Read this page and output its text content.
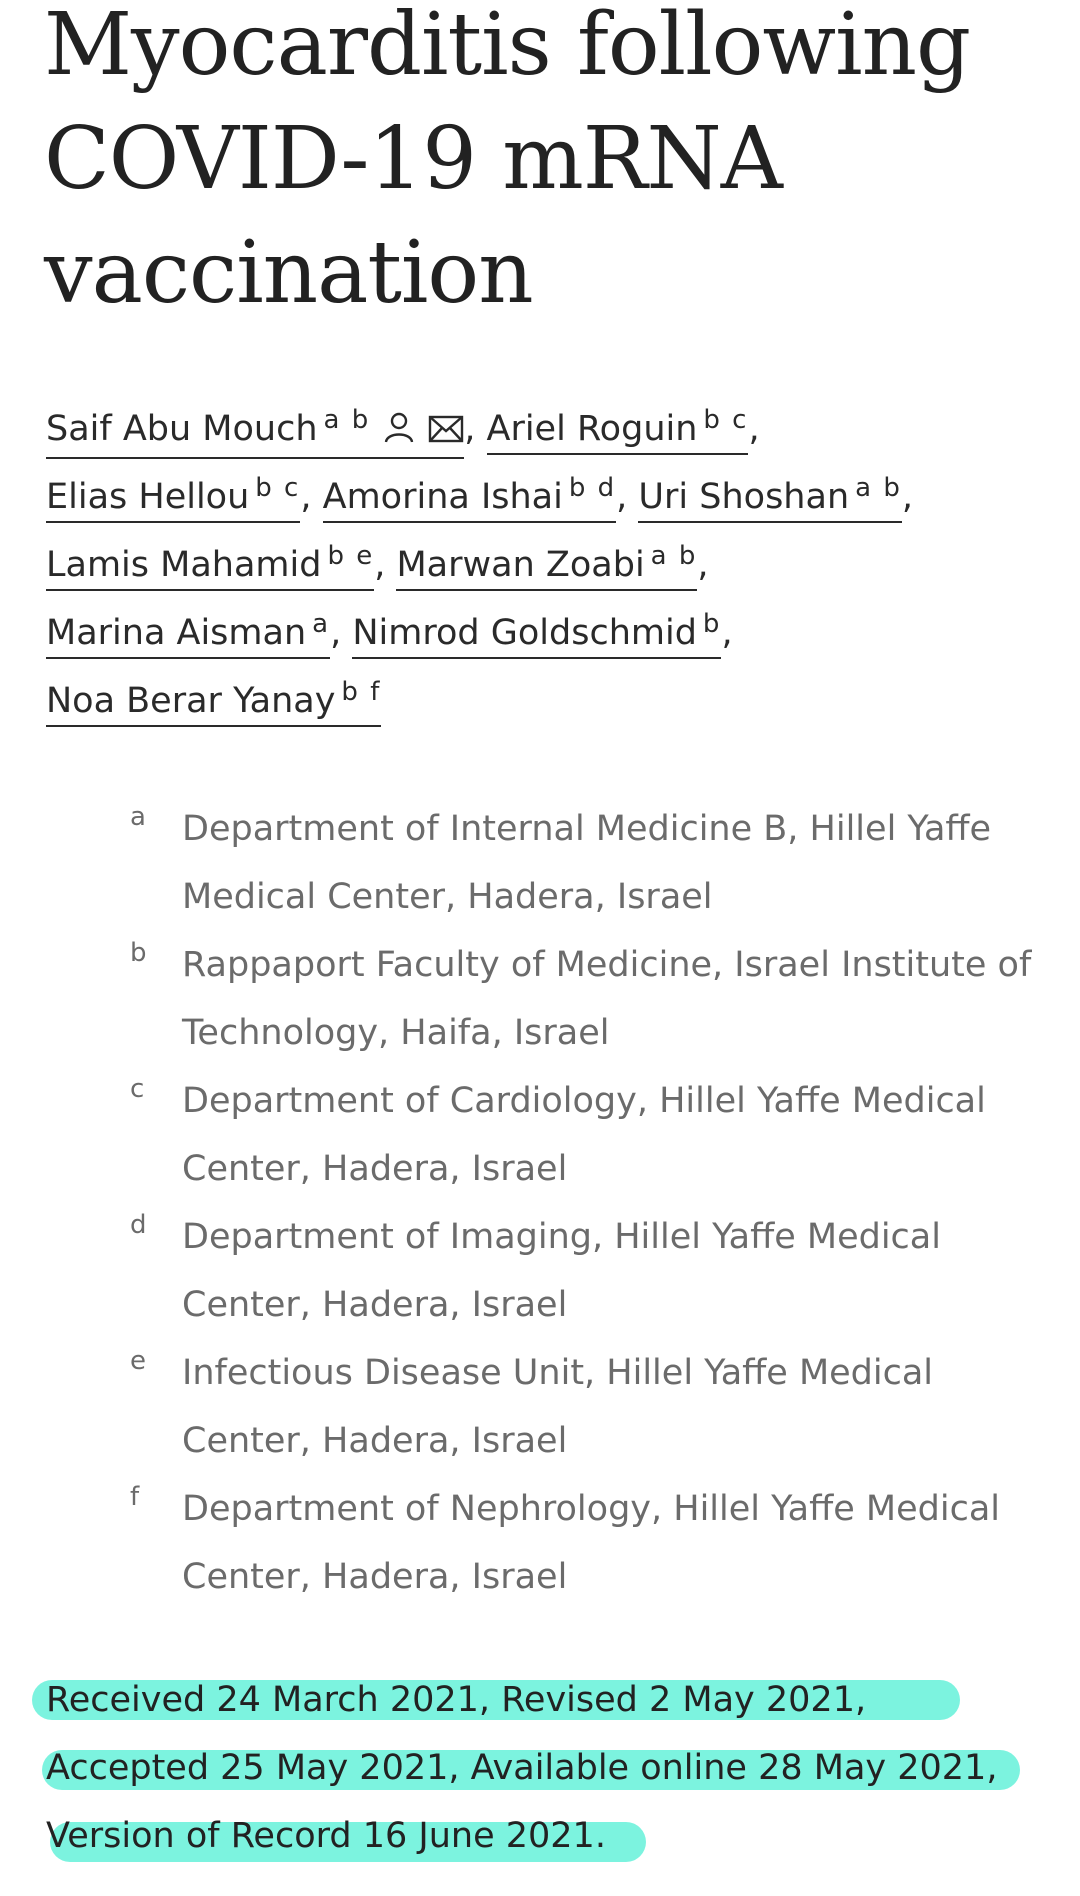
Myocarditis following COVID-19 mRNA vaccination
Saif Abu Mouch $^{a b}$	, Ariel Roguin $^{b c}$,
Elias Hellou $^{b c}$, Amorina Ishai $^{b d}$, Uri Shoshan $^{a b}$,
Lamis Mahamid $^{b e}$, Marwan Zoabi $^{a b}$,
Marina Aisman $^a$, Nimrod Goldschmid $^b$,
Noa Berar Yanay $^{b f}$
a Department of Internal Medicine B, Hillel Yaffe Medical Center, Hadera, Israel
b Rappaport Faculty of Medicine, Israel Institute of Technology, Haifa, Israel
c Department of Cardiology, Hillel Yaffe Medical Center, Hadera, Israel
d Department of Imaging, Hillel Yaffe Medical Center, Hadera, Israel
e Infectious Disease Unit, Hillel Yaffe Medical Center, Hadera, Israel
f Department of Nephrology, Hillel Yaffe Medical Center, Hadera, Israel
Received 24 March 2021, Revised 2 May 2021,
Accepted 25 May 2021, Available online 28 May 2021,
Version of Record 16 June 2021.
